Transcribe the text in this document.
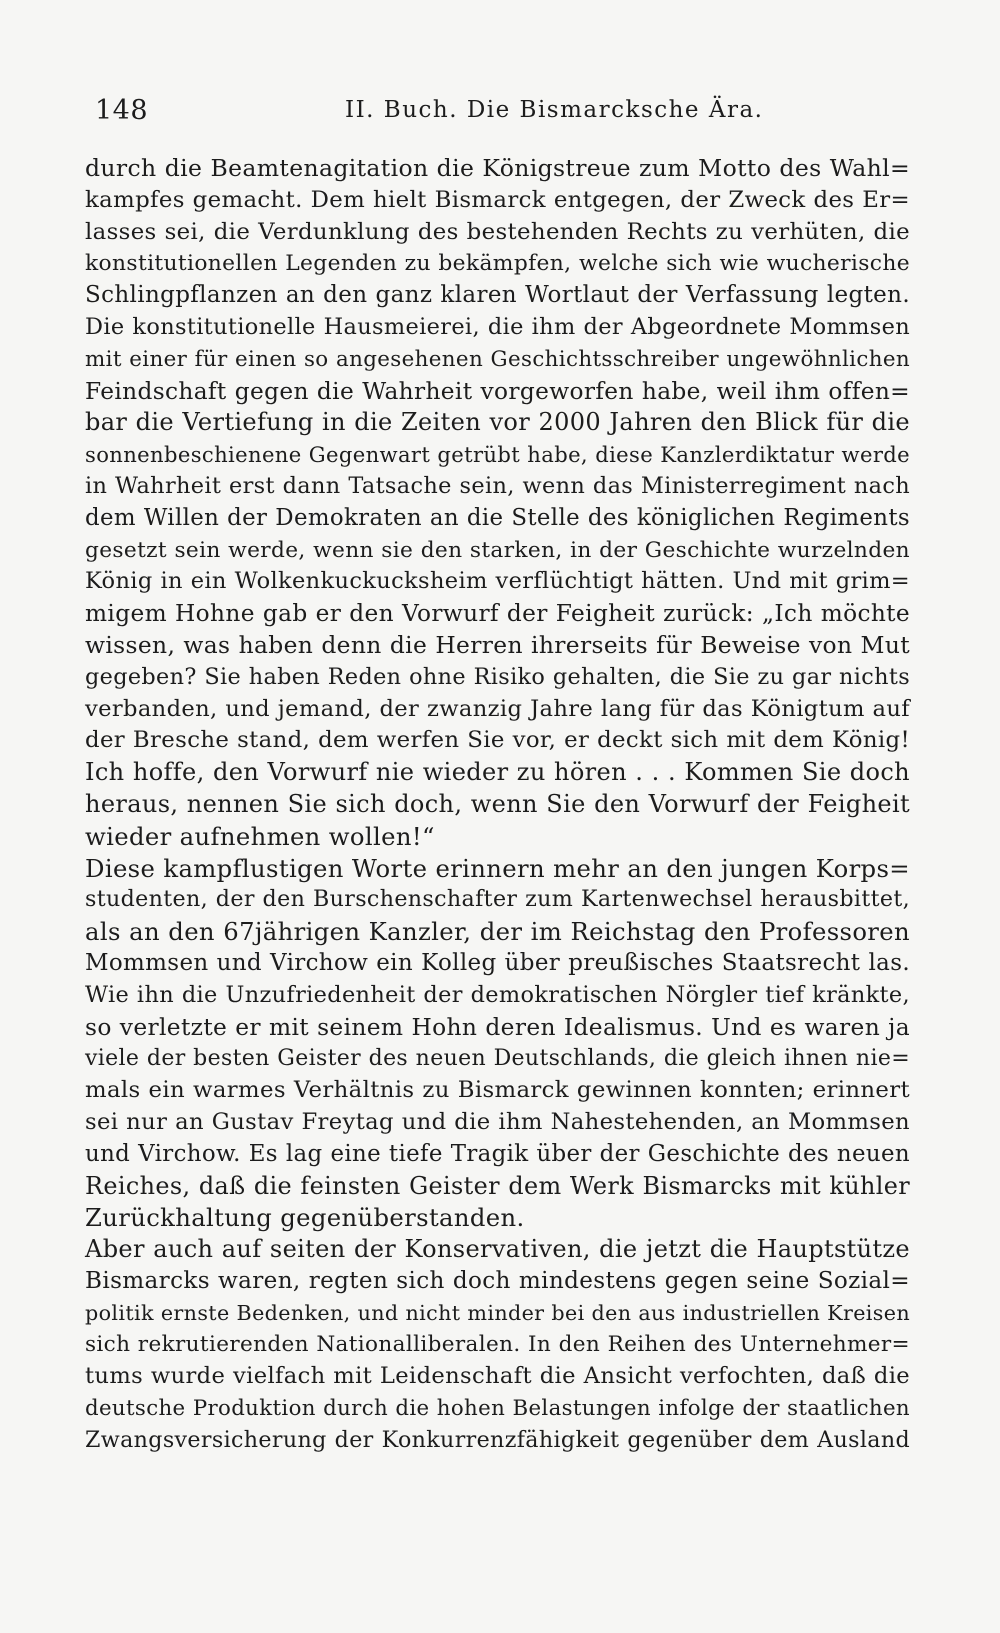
148	II. Buch. Die Bismarcksche Ära.
durch die Beamtenagitation die Königstreue zum Motto des Wahl=
kampfes gemacht. Dem hielt Bismarck entgegen, der Zweck des Er=
lasses sei, die Verdunklung des bestehenden Rechts zu verhüten, die
konstitutionellen Legenden zu bekämpfen, welche sich wie wucherische
Schlingpflanzen an den ganz klaren Wortlaut der Verfassung legten.
Die konstitutionelle Hausmeierei, die ihm der Abgeordnete Mommsen
mit einer für einen so angesehenen Geschichtsschreiber ungewöhnlichen
Feindschaft gegen die Wahrheit vorgeworfen habe, weil ihm offen=
bar die Vertiefung in die Zeiten vor 2000 Jahren den Blick für die
sonnenbeschienene Gegenwart getrübt habe, diese Kanzlerdiktatur werde
in Wahrheit erst dann Tatsache sein, wenn das Ministerregiment nach
dem Willen der Demokraten an die Stelle des königlichen Regiments
gesetzt sein werde, wenn sie den starken, in der Geschichte wurzelnden
König in ein Wolkenkuckucksheim verflüchtigt hätten. Und mit grim=
migem Hohne gab er den Vorwurf der Feigheit zurück: „Ich möchte
wissen, was haben denn die Herren ihrerseits für Beweise von Mut
gegeben? Sie haben Reden ohne Risiko gehalten, die Sie zu gar nichts
verbanden, und jemand, der zwanzig Jahre lang für das Königtum auf
der Bresche stand, dem werfen Sie vor, er deckt sich mit dem König!
Ich hoffe, den Vorwurf nie wieder zu hören . . . Kommen Sie doch
heraus, nennen Sie sich doch, wenn Sie den Vorwurf der Feigheit
wieder aufnehmen wollen!“
Diese kampflustigen Worte erinnern mehr an den jungen Korps=
studenten, der den Burschenschafter zum Kartenwechsel herausbittet,
als an den 67jährigen Kanzler, der im Reichstag den Professoren
Mommsen und Virchow ein Kolleg über preußisches Staatsrecht las.
Wie ihn die Unzufriedenheit der demokratischen Nörgler tief kränkte,
so verletzte er mit seinem Hohn deren Idealismus. Und es waren ja
viele der besten Geister des neuen Deutschlands, die gleich ihnen nie=
mals ein warmes Verhältnis zu Bismarck gewinnen konnten; erinnert
sei nur an Gustav Freytag und die ihm Nahestehenden, an Mommsen
und Virchow. Es lag eine tiefe Tragik über der Geschichte des neuen
Reiches, daß die feinsten Geister dem Werk Bismarcks mit kühler
Zurückhaltung gegenüberstanden.
Aber auch auf seiten der Konservativen, die jetzt die Hauptstütze
Bismarcks waren, regten sich doch mindestens gegen seine Sozial=
politik ernste Bedenken, und nicht minder bei den aus industriellen Kreisen
sich rekrutierenden Nationalliberalen. In den Reihen des Unternehmer=
tums wurde vielfach mit Leidenschaft die Ansicht verfochten, daß die
deutsche Produktion durch die hohen Belastungen infolge der staatlichen
Zwangsversicherung der Konkurrenzfähigkeit gegenüber dem Ausland
